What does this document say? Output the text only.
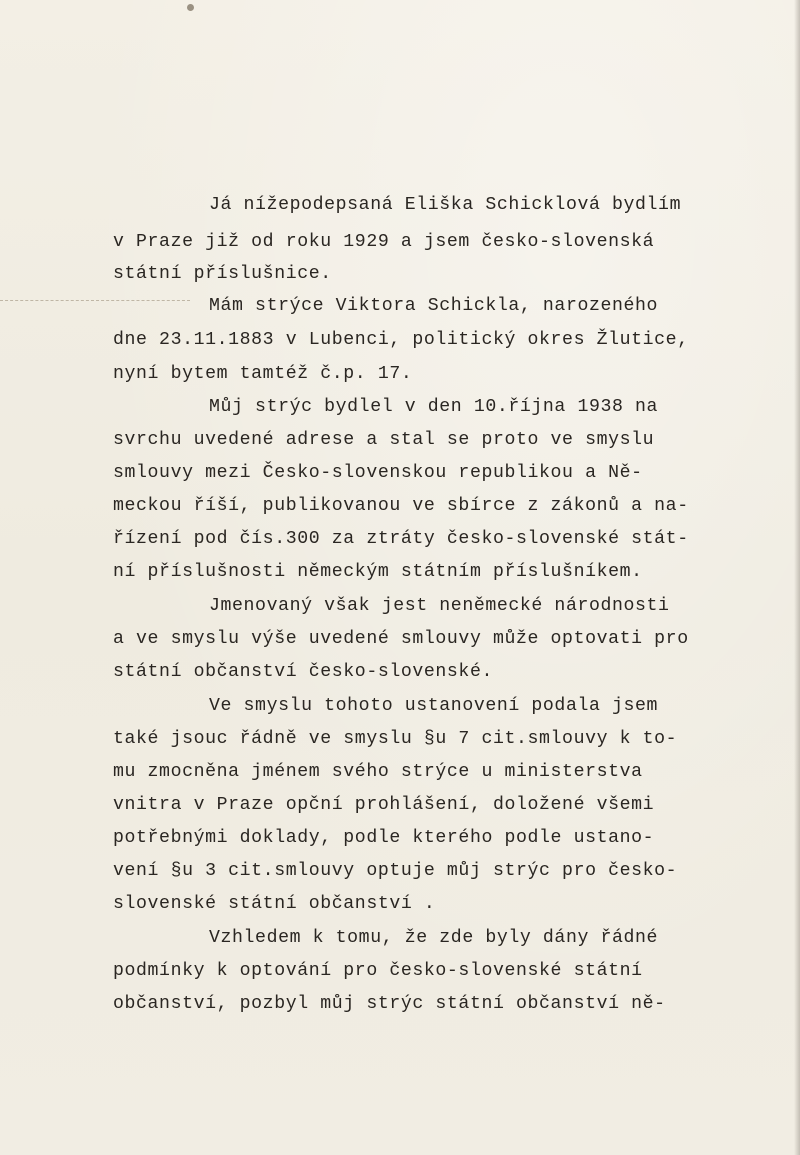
Já nížepodepsaná Eliška Schicklová bydlím
v Praze již od roku 1929 a jsem česko-slovenská
státní příslušnice.
Mám strýce Viktora Schickla, narozeného
dne 23.11.1883 v Lubenci, politický okres Žlutice,
nyní bytem tamtéž č.p. 17.
Můj strýc bydlel v den 10.října 1938 na
svrchu uvedené adrese a stal se proto ve smyslu
smlouvy mezi Česko-slovenskou republikou a Ně-
meckou říší, publikovanou ve sbírce z zákonů a na-
řízení pod čís.300 za ztráty česko-slovenské stát-
ní příslušnosti německým státním příslušníkem.
Jmenovaný však jest neněmecké národnosti
a ve smyslu výše uvedené smlouvy může optovati pro
státní občanství česko-slovenské.
Ve smyslu tohoto ustanovení podala jsem
také jsouc řádně ve smyslu §u 7 cit.smlouvy k to-
mu zmocněna jménem svého strýce u ministerstva
vnitra v Praze opční prohlášení, doložené všemi
potřebnými doklady, podle kterého podle ustano-
vení §u 3 cit.smlouvy optuje můj strýc pro česko-
slovenské státní občanství .
Vzhledem k tomu, že zde byly dány řádné
podmínky k optování pro česko-slovenské státní
občanství, pozbyl můj strýc státní občanství ně-
